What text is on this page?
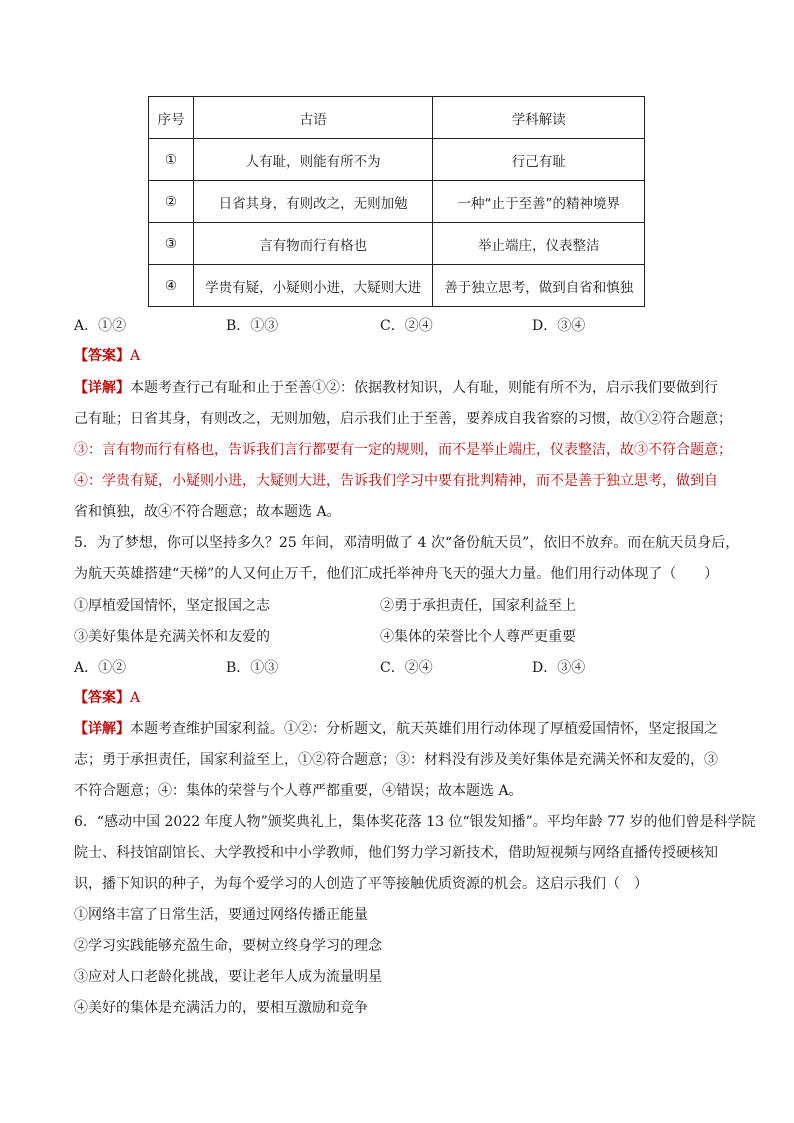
序号	古语	学科解读
①	人有耻，则能有所不为	行己有耻
②	日省其身，有则改之，无则加勉	一种“止于至善”的精神境界
③	言有物而行有格也	举止端庄，仪表整洁
④	学贵有疑，小疑则小进，大疑则大进	善于独立思考，做到自省和慎独
A．①②	B．①③	C．②④	D．③④
【答案】A
【详解】本题考查行己有耻和止于至善①②：依据教材知识，人有耻，则能有所不为，启示我们要做到行
己有耻；日省其身，有则改之，无则加勉，启示我们止于至善，要养成自我省察的习惯，故①②符合题意；
③：言有物而行有格也，告诉我们言行都要有一定的规则，而不是举止端庄，仪表整洁，故③不符合题意；
④：学贵有疑，小疑则小进，大疑则大进，告诉我们学习中要有批判精神，而不是善于独立思考，做到自
省和慎独，故④不符合题意；故本题选 A。
5．为了梦想，你可以坚持多久？25 年间，邓清明做了 4 次“备份航天员”，依旧不放弃。而在航天员身后，
为航天英雄搭建“天梯”的人又何止万千，他们汇成托举神舟飞天的强大力量。他们用行动体现了（　　）
①厚植爱国情怀，坚定报国之志	②勇于承担责任，国家利益至上
③美好集体是充满关怀和友爱的	④集体的荣誉比个人尊严更重要
A．①②	B．①③	C．②④	D．③④
【答案】A
【详解】本题考查维护国家利益。①②：分析题文，航天英雄们用行动体现了厚植爱国情怀，坚定报国之
志；勇于承担责任，国家利益至上，①②符合题意；③：材料没有涉及美好集体是充满关怀和友爱的，③
不符合题意；④：集体的荣誉与个人尊严都重要，④错误；故本题选 A。
6．“感动中国 2022 年度人物”颁奖典礼上，集体奖花落 13 位“银发知播”。平均年龄 77 岁的他们曾是科学院
院士、科技馆副馆长、大学教授和中小学教师，他们努力学习新技术，借助短视频与网络直播传授硬核知
识，播下知识的种子，为每个爱学习的人创造了平等接触优质资源的机会。这启示我们（　）
①网络丰富了日常生活，要通过网络传播正能量
②学习实践能够充盈生命，要树立终身学习的理念
③应对人口老龄化挑战，要让老年人成为流量明星
④美好的集体是充满活力的，要相互激励和竞争
